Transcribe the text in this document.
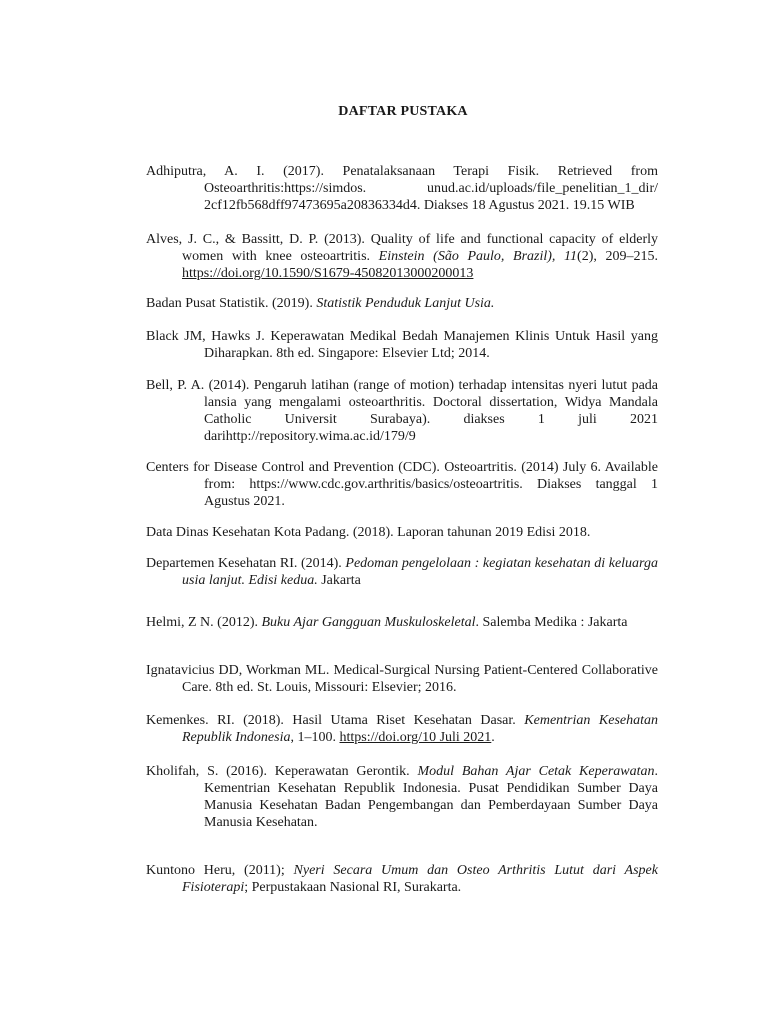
DAFTAR PUSTAKA
Adhiputra, A. I. (2017). Penatalaksanaan Terapi Fisik. Retrieved from Osteoarthritis:https://simdos.      unud.ac.id/uploads/file_penelitian_1_dir/ 2cf12fb568dff97473695a20836334d4. Diakses 18 Agustus 2021. 19.15 WIB
Alves, J. C., & Bassitt, D. P. (2013). Quality of life and functional capacity of elderly women with knee osteoartritis. Einstein (São Paulo, Brazil), 11(2), 209–215. https://doi.org/10.1590/S1679-45082013000200013
Badan Pusat Statistik. (2019). Statistik Penduduk Lanjut Usia.
Black JM, Hawks J. Keperawatan Medikal Bedah Manajemen Klinis Untuk Hasil yang Diharapkan. 8th ed. Singapore: Elsevier Ltd; 2014.
Bell, P. A. (2014). Pengaruh latihan (range of motion) terhadap intensitas nyeri lutut pada lansia yang mengalami osteoarthritis. Doctoral dissertation, Widya Mandala Catholic Universit Surabaya). diakses 1 juli 2021 darihttp://repository.wima.ac.id/179/9
Centers for Disease Control and Prevention (CDC). Osteoartritis. (2014) July 6. Available from: https://www.cdc.gov.arthritis/basics/osteoartritis. Diakses tanggal 1 Agustus 2021.
Data Dinas Kesehatan Kota Padang. (2018). Laporan tahunan 2019 Edisi 2018.
Departemen Kesehatan RI. (2014). Pedoman pengelolaan : kegiatan kesehatan di keluarga usia lanjut. Edisi kedua. Jakarta
Helmi, Z N. (2012). Buku Ajar Gangguan Muskuloskeletal. Salemba Medika : Jakarta
Ignatavicius DD, Workman ML. Medical-Surgical Nursing Patient-Centered Collaborative Care. 8th ed. St. Louis, Missouri: Elsevier; 2016.
Kemenkes. RI. (2018). Hasil Utama Riset Kesehatan Dasar. Kementrian Kesehatan Republik Indonesia, 1–100. https://doi.org/10 Juli 2021.
Kholifah, S. (2016). Keperawatan Gerontik. Modul Bahan Ajar Cetak Keperawatan. Kementrian Kesehatan Republik Indonesia. Pusat Pendidikan Sumber Daya Manusia Kesehatan Badan Pengembangan dan Pemberdayaan Sumber Daya Manusia Kesehatan.
Kuntono Heru, (2011); Nyeri Secara Umum dan Osteo Arthritis Lutut dari Aspek Fisioterapi; Perpustakaan Nasional RI, Surakarta.
